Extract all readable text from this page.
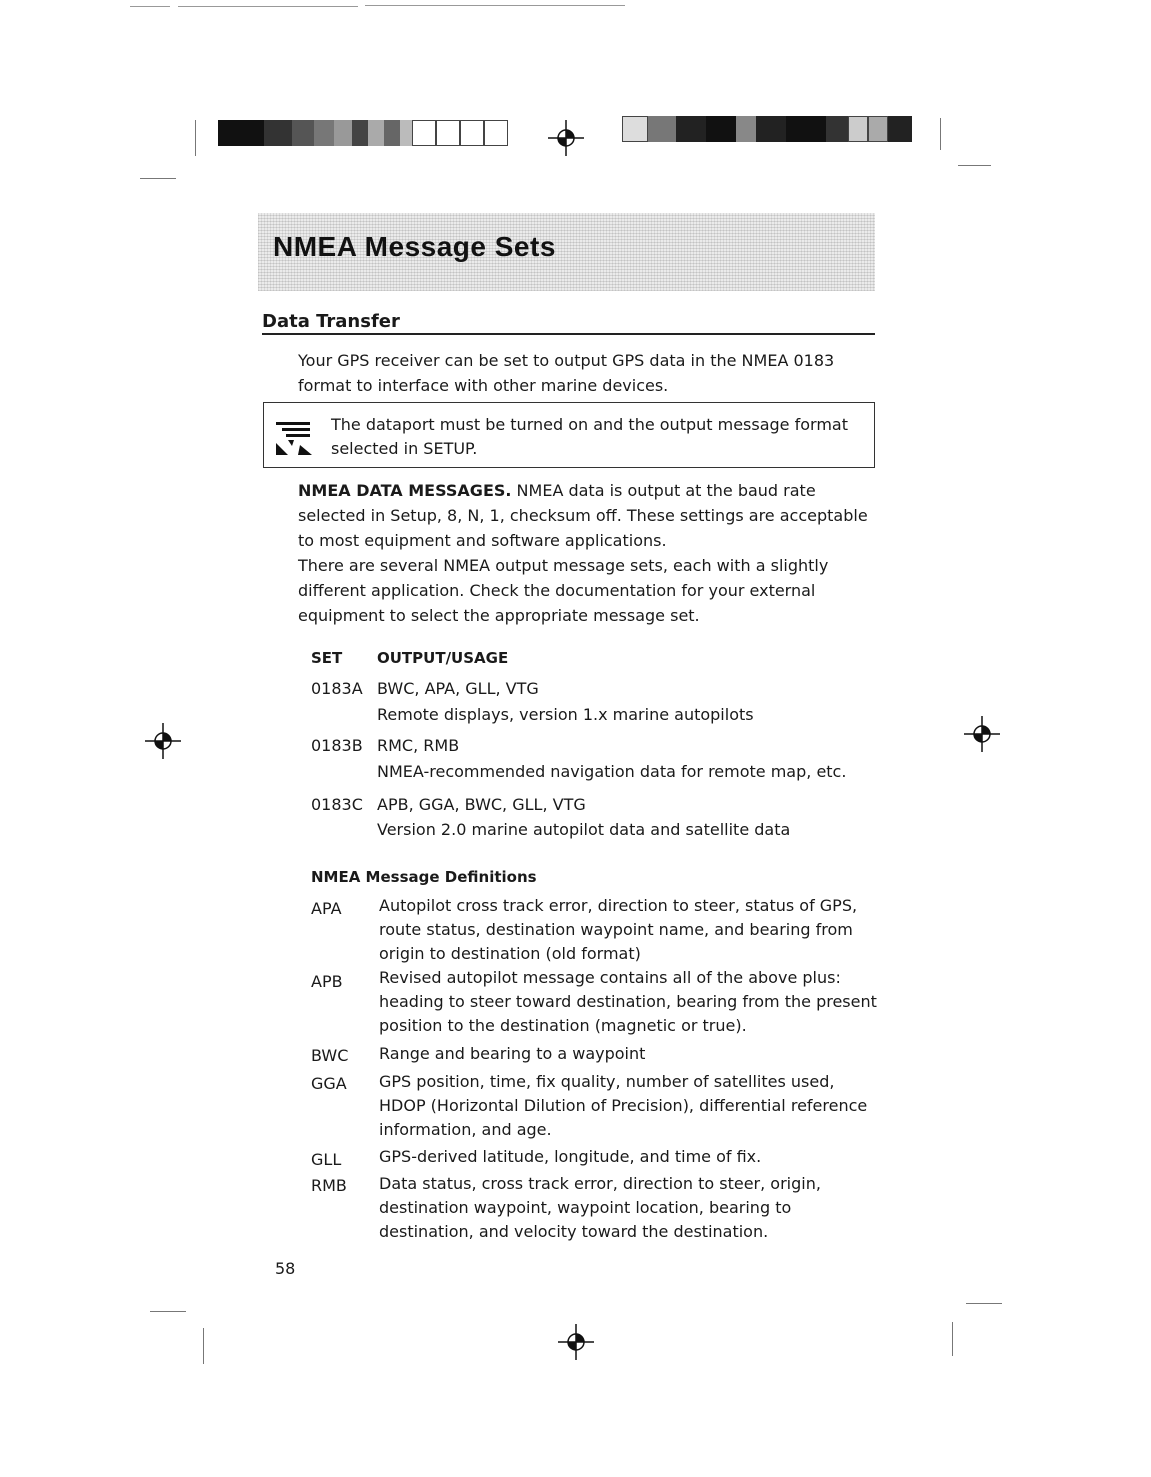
NMEA Message Sets
Data Transfer
Your GPS receiver can be set to output GPS data in the NMEA 0183 format to interface with other marine devices.
The dataport must be turned on and the output message format selected in SETUP.
NMEA DATA MESSAGES. NMEA data is output at the baud rate selected in Setup, 8, N, 1, checksum off. These settings are acceptable to most equipment and software applications.
There are several NMEA output message sets, each with a slightly different application. Check the documentation for your external equipment to select the appropriate message set.
SET OUTPUT/USAGE
0183A BWC, APA, GLL, VTG
Remote displays, version 1.x marine autopilots
0183B RMC, RMB
NMEA-recommended navigation data for remote map, etc.
0183C APB, GGA, BWC, GLL, VTG
Version 2.0 marine autopilot data and satellite data
NMEA Message Definitions
APA Autopilot cross track error, direction to steer, status of GPS, route status, destination waypoint name, and bearing from origin to destination (old format)
APB Revised autopilot message contains all of the above plus: heading to steer toward destination, bearing from the present position to the destination (magnetic or true).
BWC Range and bearing to a waypoint
GGA GPS position, time, fix quality, number of satellites used, HDOP (Horizontal Dilution of Precision), differential reference information, and age.
GLL GPS-derived latitude, longitude, and time of fix.
RMB Data status, cross track error, direction to steer, origin, destination waypoint, waypoint location, bearing to destination, and velocity toward the destination.
58
